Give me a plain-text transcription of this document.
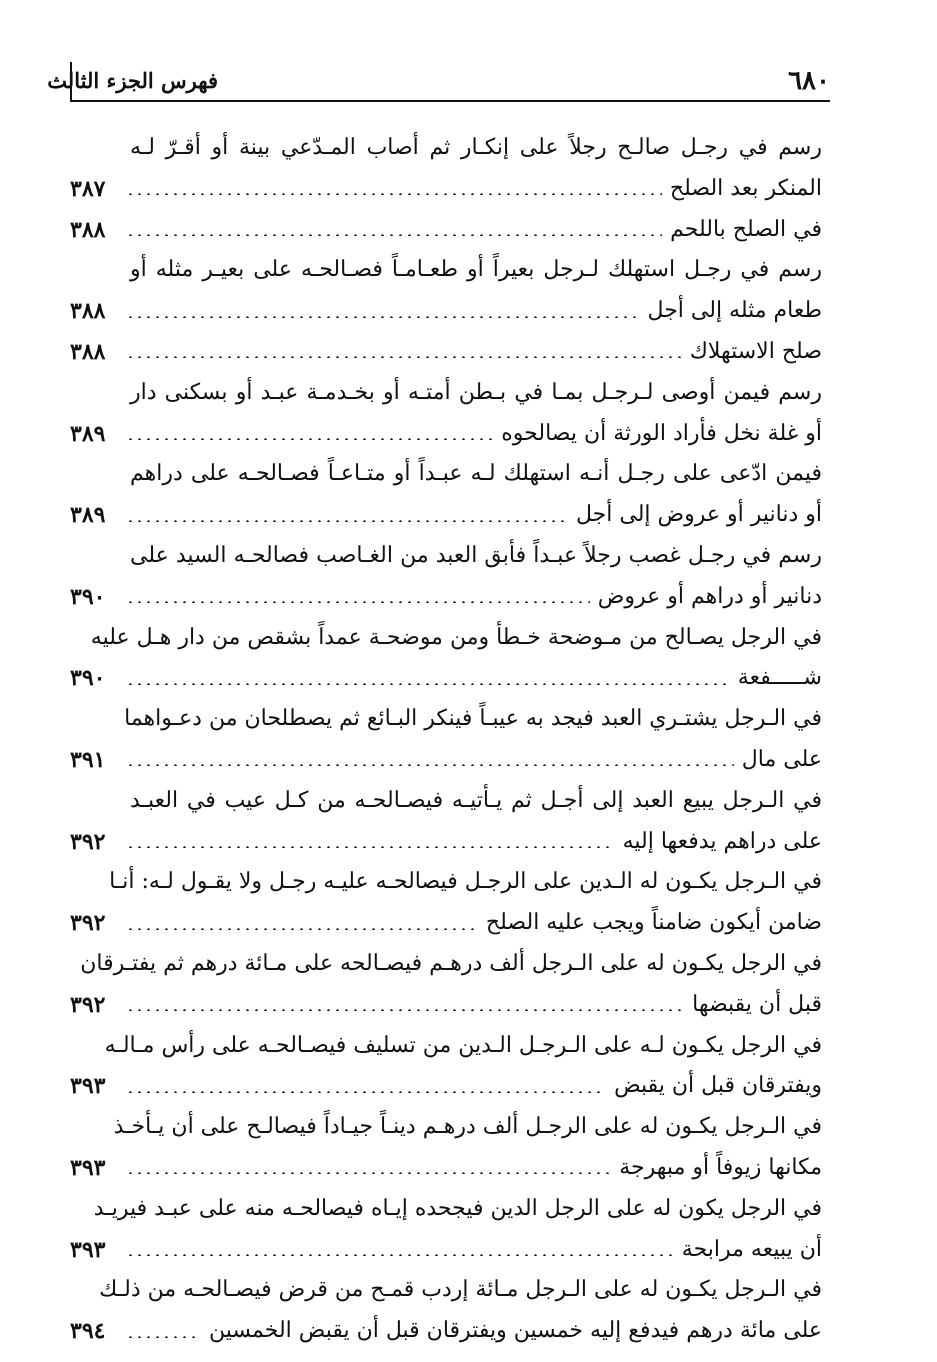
فهرس الجزء الثالث	٦٨٠
رسم في رجـل صالـح رجلاً على إنكـار ثم أصاب المـدّعي بينة أو أقـرّ لـه
المنكر بعد الصلح
٣٨٧
في الصلح باللحم
٣٨٨
رسم في رجـل استهلك لـرجل بعيراً أو طعـامـاً فصـالحـه على بعيـر مثله أو
طعام مثله إلى أجل
٣٨٨
صلح الاستهلاك
٣٨٨
رسم فيمن أوصى لـرجـل بمـا في بـطن أمتـه أو بخـدمـة عبـد أو بسكنى دار
أو غلة نخل فأراد الورثة أن يصالحوه
٣٨٩
فيمن ادّعى على رجـل أنـه استهلك لـه عبـداً أو متـاعـاً فصـالحـه على دراهم
أو دنانير أو عروض إلى أجل
٣٨٩
رسم في رجـل غصب رجلاً عبـداً فأبق العبد من الغـاصب فصالحـه السيد على
دنانير أو دراهم أو عروض
٣٩٠
في الرجل يصـالح من مـوضحة خـطأ ومن موضحـة عمداً بشقص من دار هـل عليه
شـــــفعة
٣٩٠
في الـرجل يشتـري العبد فيجد به عيبـاً فينكر البـائع ثم يصطلحان من دعـواهما
على مال
٣٩١
في الـرجل يبيع العبد إلى أجـل ثم يـأتيـه فيصـالحـه من كـل عيب في العبـد
على دراهم يدفعها إليه
٣٩٢
في الـرجل يكـون له الـدين على الرجـل فيصالحـه عليـه رجـل ولا يقـول لـه: أنـا
ضامن أيكون ضامناً ويجب عليه الصلح
٣٩٢
في الرجل يكـون له على الـرجل ألف درهـم فيصـالحه على مـائة درهم ثم يفتـرقان
قبل أن يقبضها
٣٩٢
في الرجل يكـون لـه على الـرجـل الـدين من تسليف فيصـالحـه على رأس مـالـه
ويفترقان قبل أن يقبض
٣٩٣
في الـرجل يكـون له على الرجـل ألف درهـم دينـاً جيـاداً فيصالـح على أن يـأخـذ
مكانها زيوفاً أو مبهرجة
٣٩٣
في الرجل يكون له على الرجل الدين فيجحده إيـاه فيصالحـه منه على عبـد فيريـد
أن يبيعه مرابحة
٣٩٣
في الـرجل يكـون له على الـرجل مـائة إردب قمـح من قرض فيصـالحـه من ذلـك
على مائة درهم فيدفع إليه خمسين ويفترقان قبل أن يقبض الخمسين
٣٩٤
